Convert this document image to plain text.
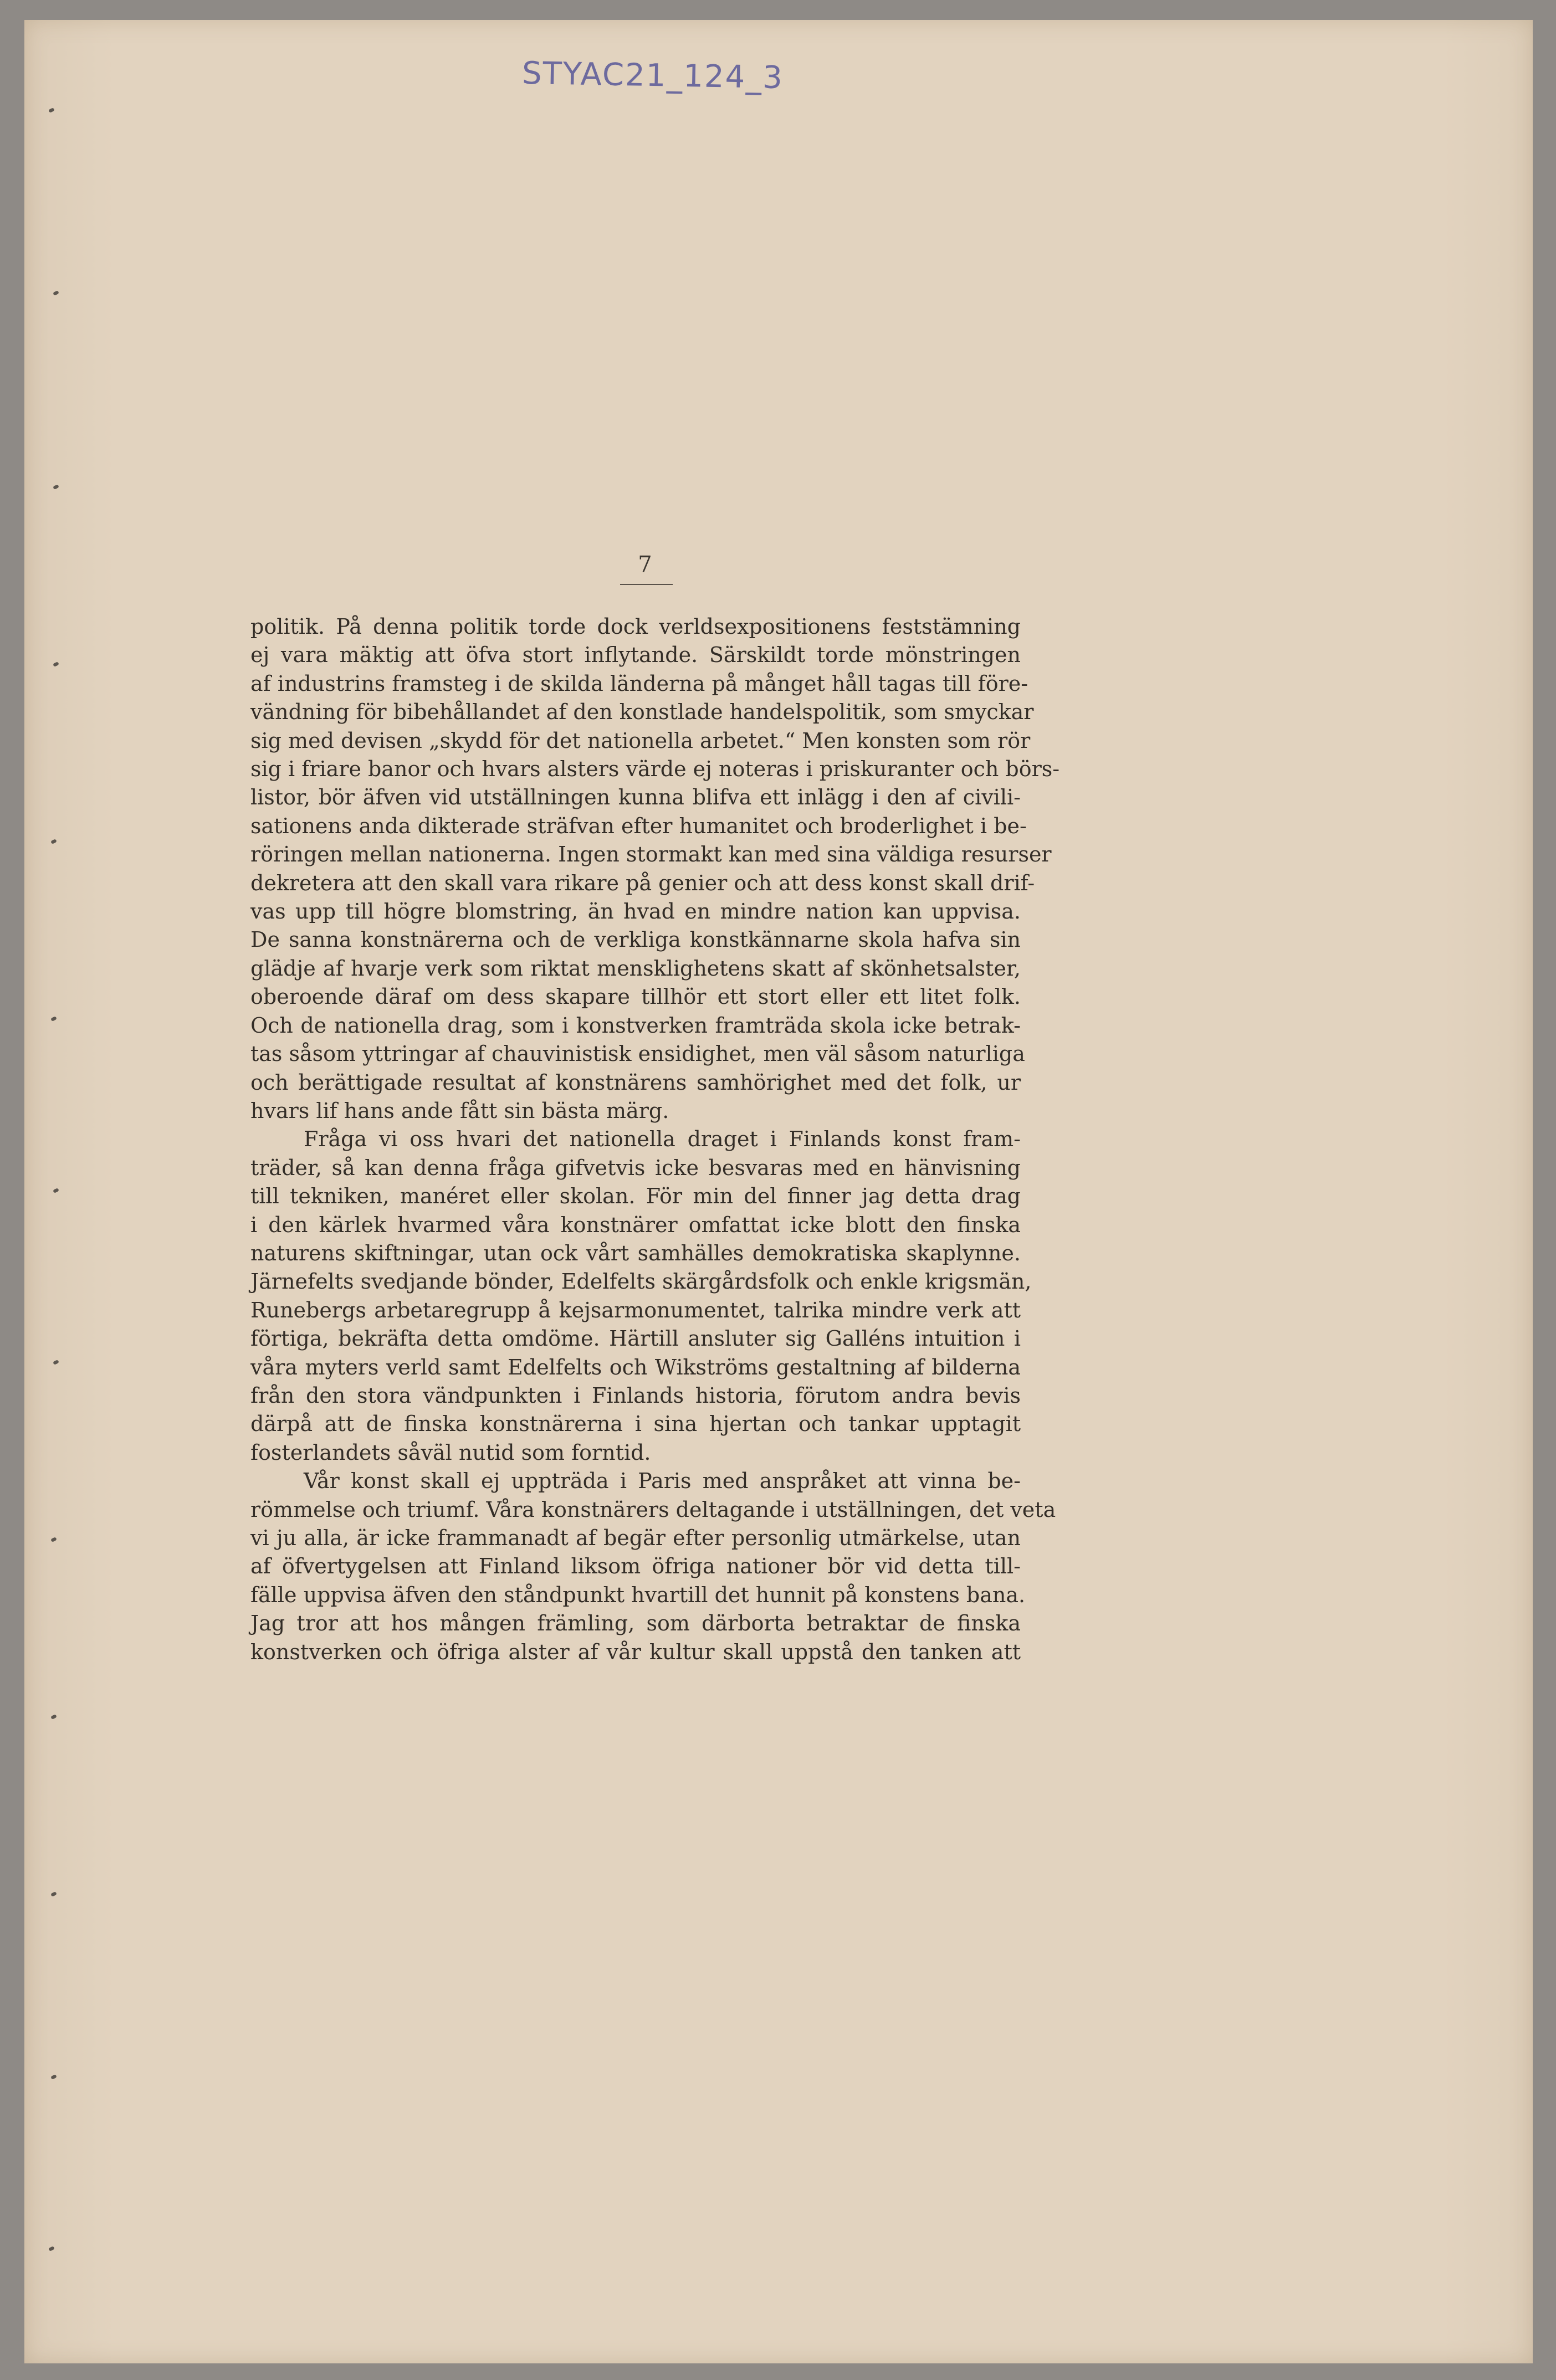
STYAC21_124_3
7
politik. På denna politik torde dock verldsexpositionens feststämning
ej vara mäktig att öfva stort inflytande. Särskildt torde mönstringen
af industrins framsteg i de skilda länderna på månget håll tagas till före-
vändning för bibehållandet af den konstlade handelspolitik, som smyckar
sig med devisen „skydd för det nationella arbetet.“ Men konsten som rör
sig i friare banor och hvars alsters värde ej noteras i priskuranter och börs-
listor, bör äfven vid utställningen kunna blifva ett inlägg i den af civili-
sationens anda dikterade sträfvan efter humanitet och broderlighet i be-
röringen mellan nationerna. Ingen stormakt kan med sina väldiga resurser
dekretera att den skall vara rikare på genier och att dess konst skall drif-
vas upp till högre blomstring, än hvad en mindre nation kan uppvisa.
De sanna konstnärerna och de verkliga konstkännarne skola hafva sin
glädje af hvarje verk som riktat mensklighetens skatt af skönhetsalster,
oberoende däraf om dess skapare tillhör ett stort eller ett litet folk.
Och de nationella drag, som i konstverken framträda skola icke betrak-
tas såsom yttringar af chauvinistisk ensidighet, men väl såsom naturliga
och berättigade resultat af konstnärens samhörighet med det folk, ur
hvars lif hans ande fått sin bästa märg.
Fråga vi oss hvari det nationella draget i Finlands konst fram-
träder, så kan denna fråga gifvetvis icke besvaras med en hänvisning
till tekniken, manéret eller skolan. För min del finner jag detta drag
i den kärlek hvarmed våra konstnärer omfattat icke blott den finska
naturens skiftningar, utan ock vårt samhälles demokratiska skaplynne.
Järnefelts svedjande bönder, Edelfelts skärgårdsfolk och enkle krigsmän,
Runebergs arbetaregrupp å kejsarmonumentet, talrika mindre verk att
förtiga, bekräfta detta omdöme. Härtill ansluter sig Galléns intuition i
våra myters verld samt Edelfelts och Wikströms gestaltning af bilderna
från den stora vändpunkten i Finlands historia, förutom andra bevis
därpå att de finska konstnärerna i sina hjertan och tankar upptagit
fosterlandets såväl nutid som forntid.
Vår konst skall ej uppträda i Paris med anspråket att vinna be-
römmelse och triumf. Våra konstnärers deltagande i utställningen, det veta
vi ju alla, är icke frammanadt af begär efter personlig utmärkelse, utan
af öfvertygelsen att Finland liksom öfriga nationer bör vid detta till-
fälle uppvisa äfven den ståndpunkt hvartill det hunnit på konstens bana.
Jag tror att hos mången främling, som därborta betraktar de finska
konstverken och öfriga alster af vår kultur skall uppstå den tanken att
